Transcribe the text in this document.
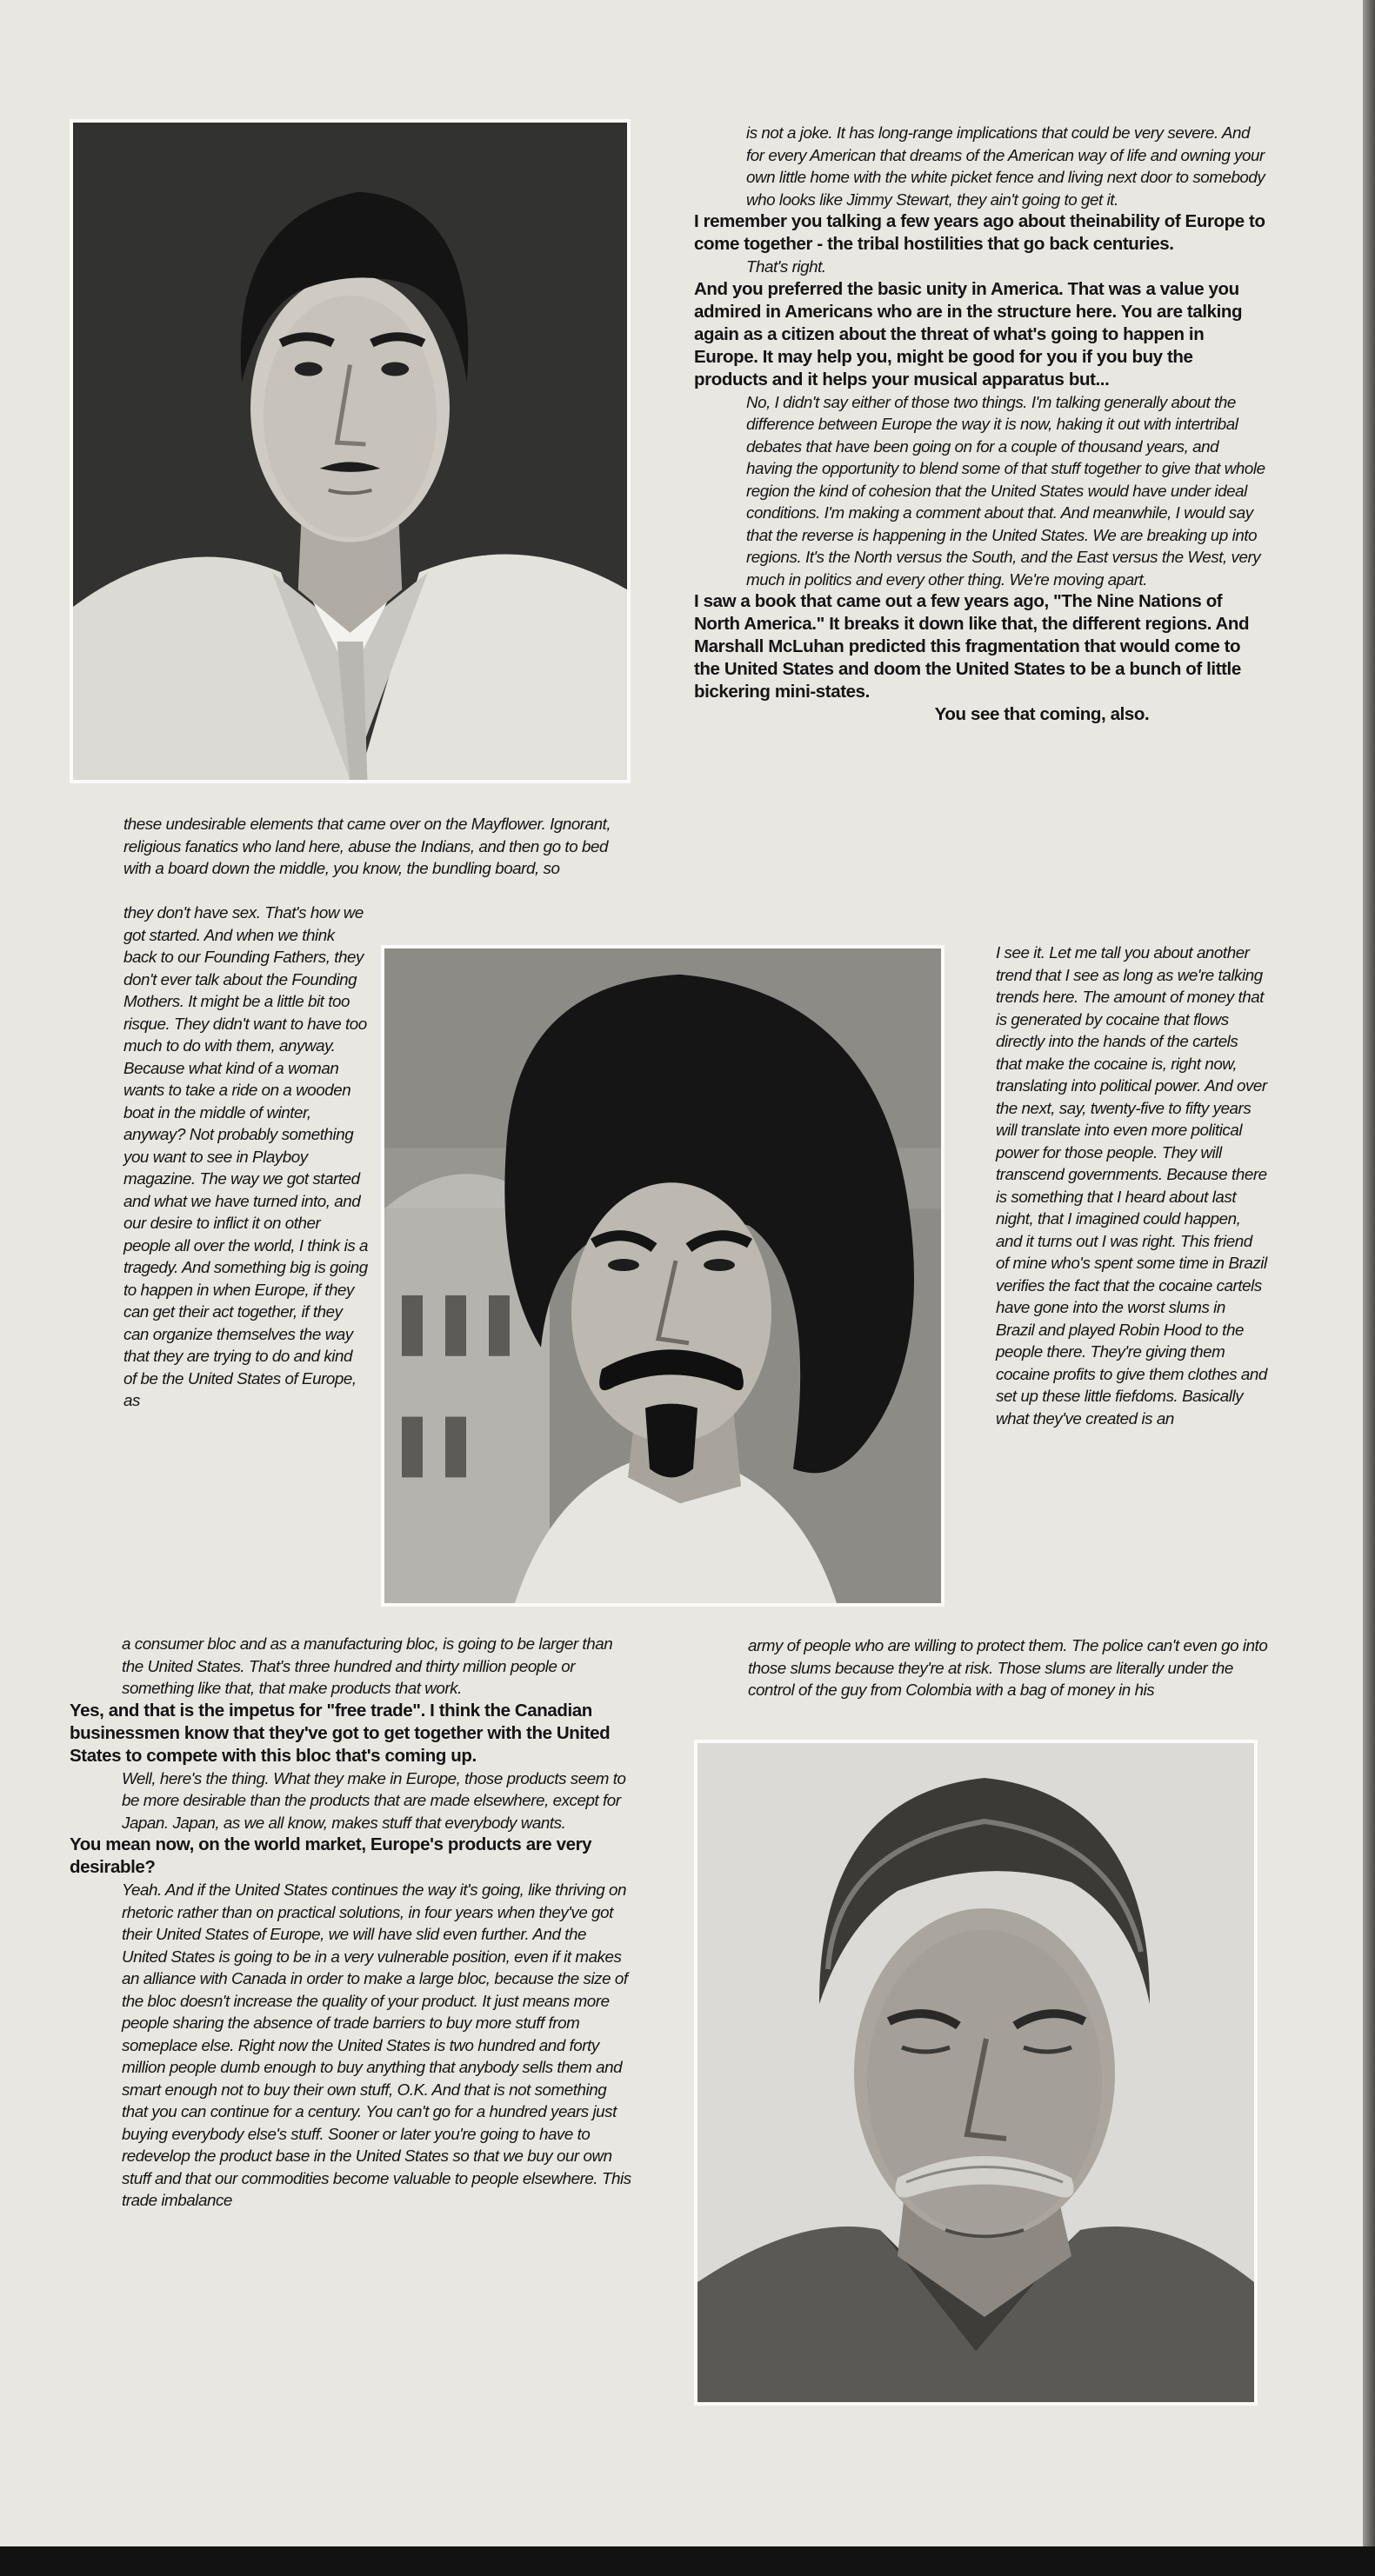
is not a joke. It has long-range implications that could be very severe. And for every American that dreams of the American way of life and owning your own little home with the white picket fence and living next door to somebody who looks like Jimmy Stewart, they ain't going to get it.

I remember you talking a few years ago about theinability of Europe to come together - the tribal hostilities that go back centuries.

That's right.

And you preferred the basic unity in America. That was a value you admired in Americans who are in the structure here. You are talking again as a citizen about the threat of what's going to happen in Europe. It may help you, might be good for you if you buy the products and it helps your musical apparatus but...

No, I didn't say either of those two things. I'm talking generally about the difference between Europe the way it is now, haking it out with intertribal debates that have been going on for a couple of thousand years, and having the opportunity to blend some of that stuff together to give that whole region the kind of cohesion that the United States would have under ideal conditions. I'm making a comment about that. And meanwhile, I would say that the reverse is happening in the United States. We are breaking up into regions. It's the North versus the South, and the East versus the West, very much in politics and every other thing. We're moving apart.

I saw a book that came out a few years ago, "The Nine Nations of North America." It breaks it down like that, the different regions. And Marshall McLuhan predicted this fragmentation that would come to the United States and doom the United States to be a bunch of little bickering mini-states.

You see that coming, also.

I see it. Let me tall you about another trend that I see as long as we're talking trends here. The amount of money that is generated by cocaine that flows directly into the hands of the cartels that make the cocaine is, right now, translating into political power. And over the next, say, twenty-five to fifty years will translate into even more political power for those people. They will transcend governments. Because there is something that I heard about last night, that I imagined could happen, and it turns out I was right. This friend of mine who's spent some time in Brazil verifies the fact that the cocaine cartels have gone into the worst slums in Brazil and played Robin Hood to the people there. They're giving them cocaine profits to give them clothes and set up these little fiefdoms. Basically what they've created is an

army of people who are willing to protect them. The police can't even go into those slums because they're at risk. Those slums are literally under the control of the guy from Colombia with a bag of money in his

these undesirable elements that came over on the Mayflower. Ignorant, religious fanatics who land here, abuse the Indians, and then go to bed with a board down the middle, you know, the bundling board, so

they don't have sex. That's how we got started. And when we think back to our Founding Fathers, they don't ever talk about the Founding Mothers. It might be a little bit too risque. They didn't want to have too much to do with them, anyway. Because what kind of a woman wants to take a ride on a wooden boat in the middle of winter, anyway? Not probably something you want to see in Playboy magazine. The way we got started and what we have turned into, and our desire to inflict it on other people all over the world, I think is a tragedy. And something big is going to happen in when Europe, if they can get their act together, if they can organize themselves the way that they are trying to do and kind of be the United States of Europe, as

a consumer bloc and as a manufacturing bloc, is going to be larger than the United States. That's three hundred and thirty million people or something like that, that make products that work.

Yes, and that is the impetus for "free trade". I think the Canadian businessmen know that they've got to get together with the United States to compete with this bloc that's coming up.

Well, here's the thing. What they make in Europe, those products seem to be more desirable than the products that are made elsewhere, except for Japan. Japan, as we all know, makes stuff that everybody wants.

You mean now, on the world market, Europe's products are very desirable?

Yeah. And if the United States continues the way it's going, like thriving on rhetoric rather than on practical solutions, in four years when they've got their United States of Europe, we will have slid even further. And the United States is going to be in a very vulnerable position, even if it makes an alliance with Canada in order to make a large bloc, because the size of the bloc doesn't increase the quality of your product. It just means more people sharing the absence of trade barriers to buy more stuff from someplace else. Right now the United States is two hundred and forty million people dumb enough to buy anything that anybody sells them and smart enough not to buy their own stuff, O.K. And that is not something that you can continue for a century. You can't go for a hundred years just buying everybody else's stuff. Sooner or later you're going to have to redevelop the product base in the United States so that we buy our own stuff and that our commodities become valuable to people elsewhere. This trade imbalance
